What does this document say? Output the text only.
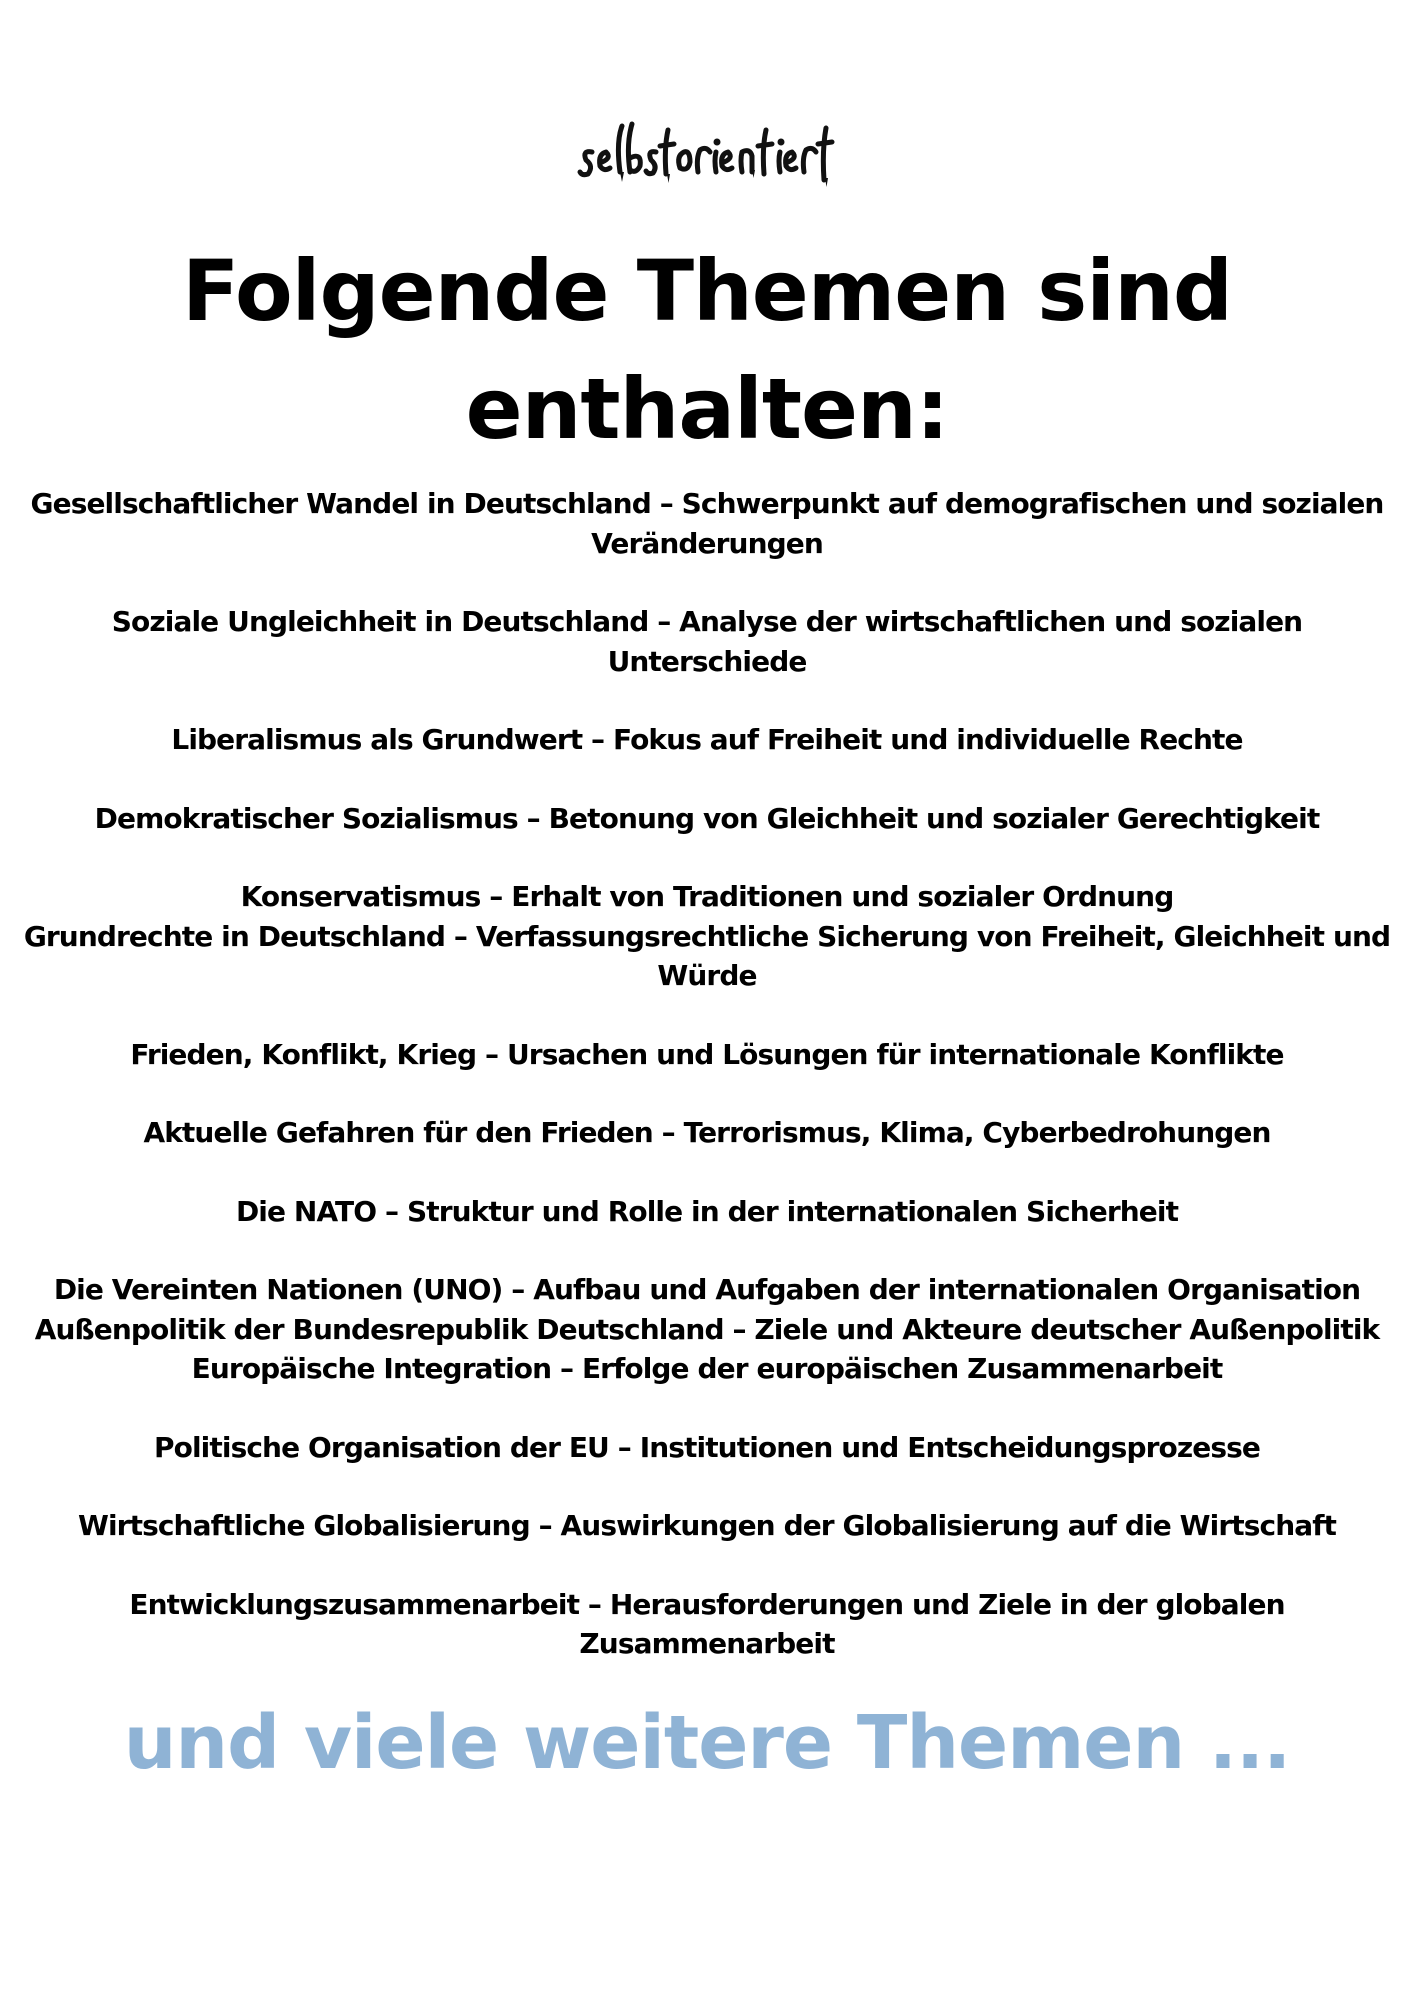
Folgende Themen sind
enthalten:
Gesellschaftlicher Wandel in Deutschland – Schwerpunkt auf demografischen und sozialen Veränderungen
Soziale Ungleichheit in Deutschland – Analyse der wirtschaftlichen und sozialen Unterschiede
Liberalismus als Grundwert – Fokus auf Freiheit und individuelle Rechte
Demokratischer Sozialismus – Betonung von Gleichheit und sozialer Gerechtigkeit
Konservatismus – Erhalt von Traditionen und sozialer Ordnung
Grundrechte in Deutschland – Verfassungsrechtliche Sicherung von Freiheit, Gleichheit und Würde
Frieden, Konflikt, Krieg – Ursachen und Lösungen für internationale Konflikte
Aktuelle Gefahren für den Frieden – Terrorismus, Klima, Cyberbedrohungen
Die NATO – Struktur und Rolle in der internationalen Sicherheit
Die Vereinten Nationen (UNO) – Aufbau und Aufgaben der internationalen Organisation
Außenpolitik der Bundesrepublik Deutschland – Ziele und Akteure deutscher Außenpolitik
Europäische Integration – Erfolge der europäischen Zusammenarbeit
Politische Organisation der EU – Institutionen und Entscheidungsprozesse
Wirtschaftliche Globalisierung – Auswirkungen der Globalisierung auf die Wirtschaft
Entwicklungszusammenarbeit – Herausforderungen und Ziele in der globalen Zusammenarbeit

und viele weitere Themen ...
